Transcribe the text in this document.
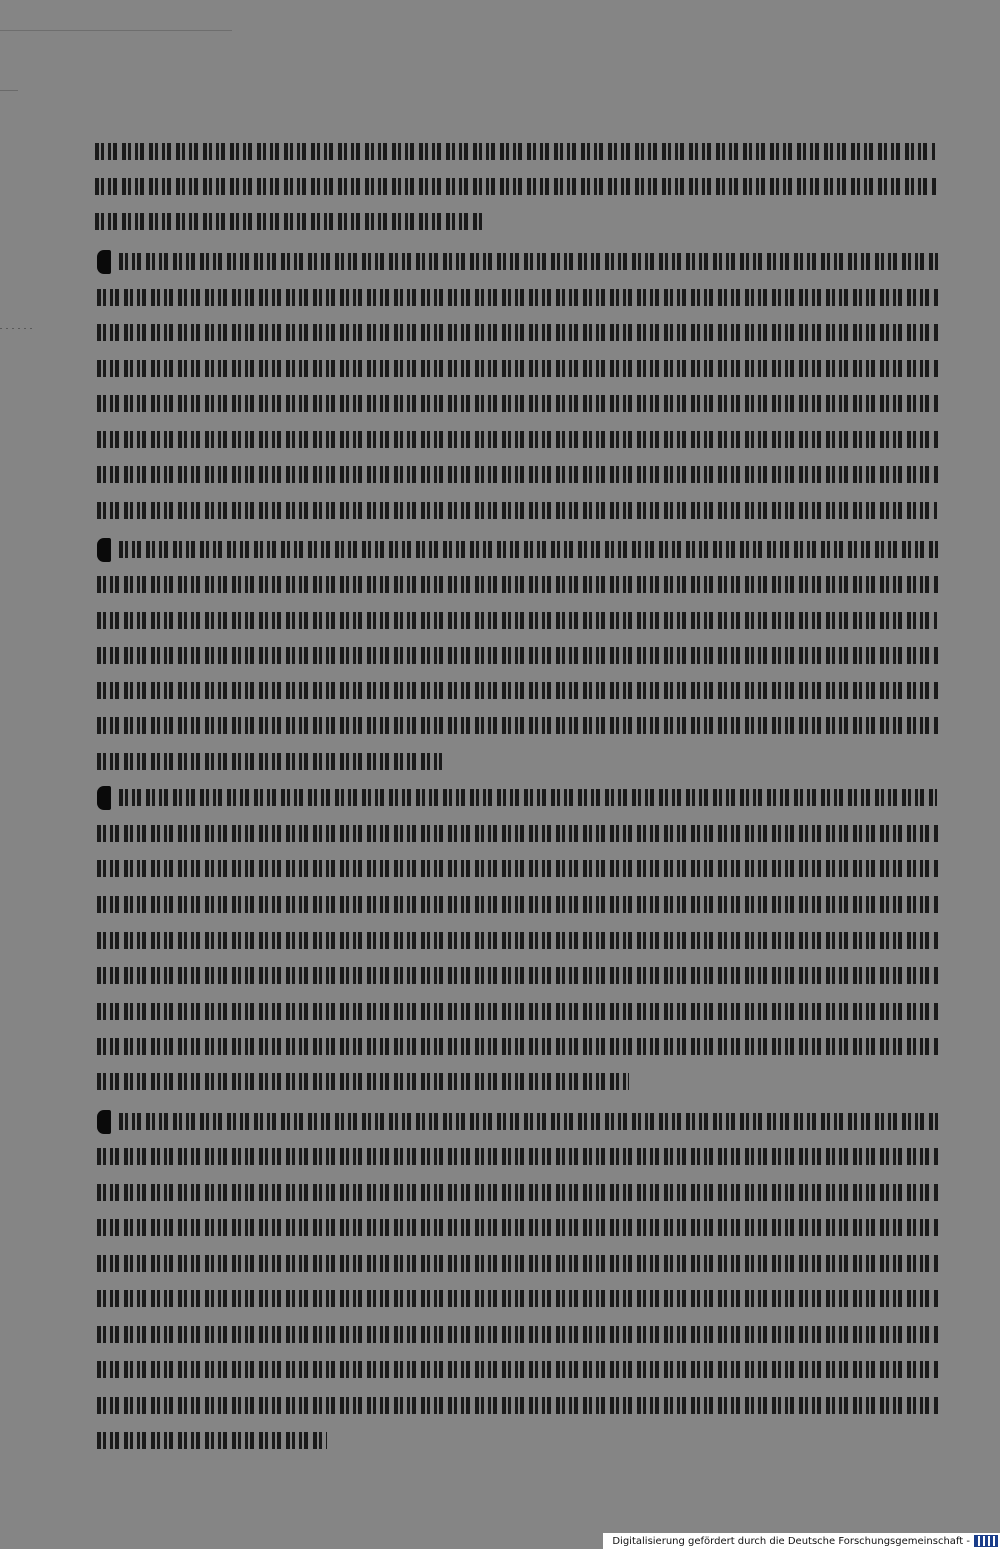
Digitalisierung gefördert durch die Deutsche Forschungsgemeinschaft -
